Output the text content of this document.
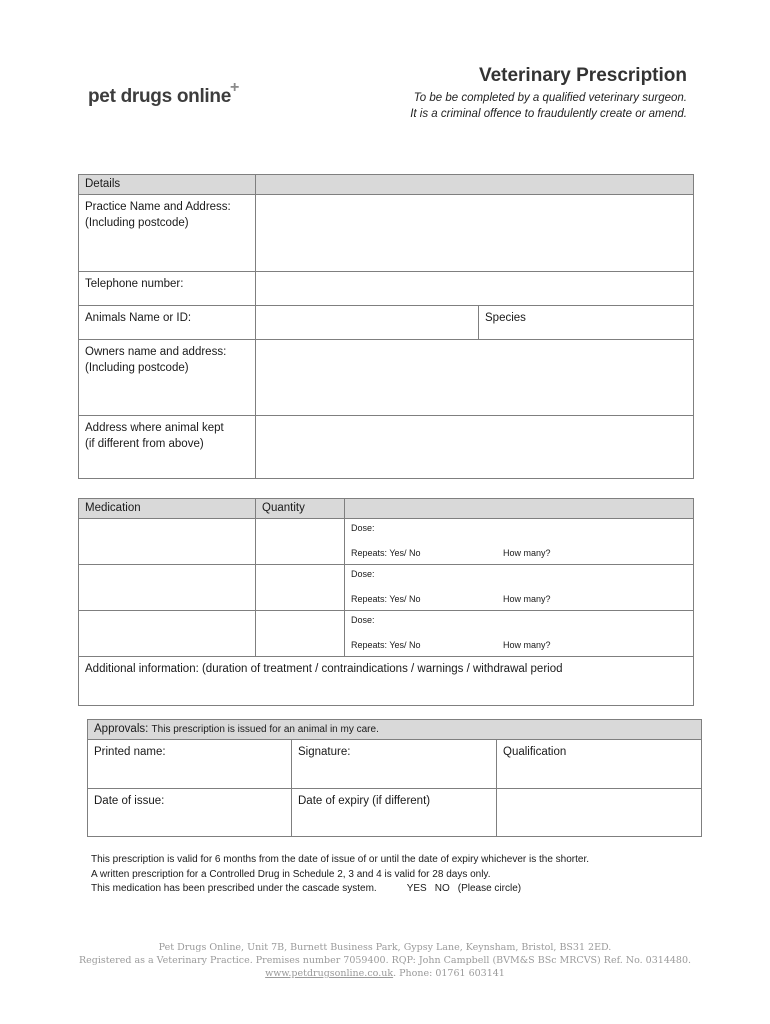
pet drugs online +
Veterinary Prescription
To be be completed by a qualified veterinary surgeon.
It is a criminal offence to fraudulently create or amend.
Details		

Practice Name and Address:
(Including postcode)		

Telephone number:		
Animals Name or ID:		Species

Owners name and address:
(Including postcode)		

Address where animal kept
(if different from above)		

Medication	Quantity	

		Dose:
Repeats: Yes/ No How many?

		Dose:
Repeats: Yes/ No How many?

		Dose:
Repeats: Yes/ No How many?

Additional information: (duration of treatment / contraindications / warnings / withdrawal period		
Approvals: This prescription is issued for an animal in my care.		
Printed name:	Signature:	Qualification
Date of issue:	Date of expiry (if different)	
This prescription is valid for 6 months from the date of issue of or until the date of expiry whichever is the shorter.
A written prescription for a Controlled Drug in Schedule 2, 3 and 4 is valid for 28 days only.
This medication has been prescribed under the cascade system.	YES NO (Please circle)
Pet Drugs Online, Unit 7B, Burnett Business Park, Gypsy Lane, Keynsham, Bristol, BS31 2ED.
Registered as a Veterinary Practice. Premises number 7059400. RQP: John Campbell (BVM&S BSc MRCVS) Ref. No. 0314480.
www.petdrugsonline.co.uk. Phone: 01761 603141
